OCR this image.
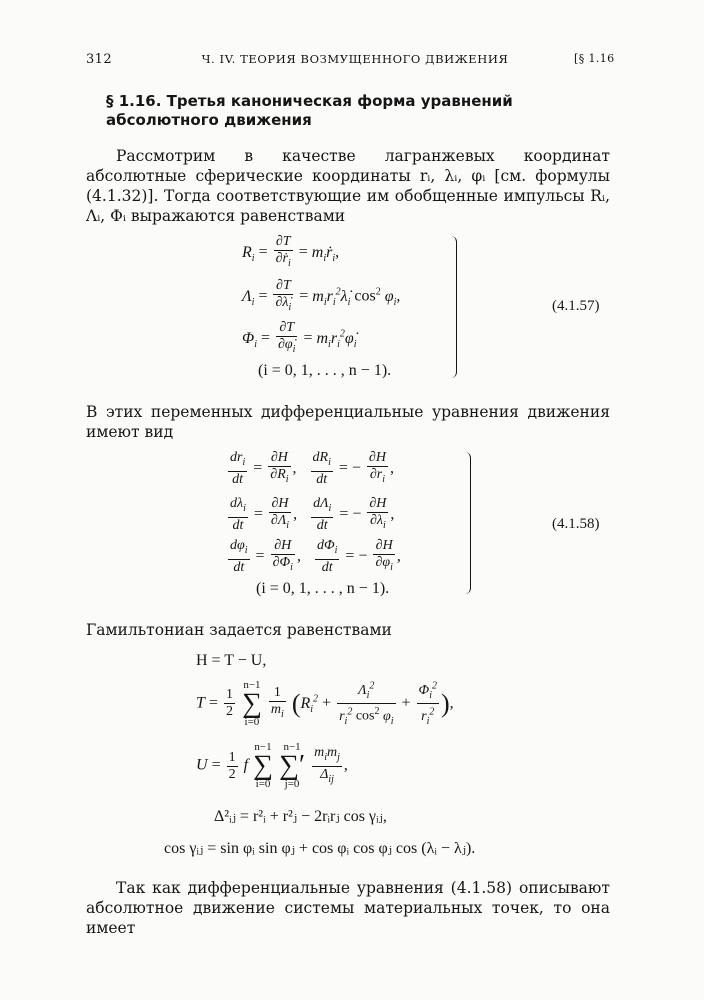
312	Ч. IV. ТЕОРИЯ ВОЗМУЩЕННОГО ДВИЖЕНИЯ	[§ 1.16
§ 1.16. Третья каноническая форма уравнений
абсолютного движения
Рассмотрим в качестве лагранжевых координат абсолютные сферические координаты rᵢ, λᵢ, φᵢ [см. формулы (4.1.32)]. Тогда соответствующие им обобщенные импульсы Rᵢ, Λᵢ, Φᵢ выражаются равенствами
$R_i = \frac{\partial T}{\partial ṙ_i}$ = $m_iṙ_i$,
$\Lambda_i = \frac{\partial T}{\partial\lambdȧ_i}$ = $m_ir_i^2\lambdȧ_i$ $\cos^2 \varphi_i$,
$\Phi_i = \frac{\partial T}{\partial\varphi̇_i}$ = $m_ir_i^2\varphi̇_i$
(i = 0, 1, . . . , n − 1).
(4.1.57)
В этих переменных дифференциальные уравнения движения имеют вид
$\frac{dr_i}{dt} = \frac{\partial H}{\partial R_i}$ , $\frac{dR_i}{dt}$ = − $\frac{\partial H}{\partial r_i}$ ,
$\frac{d\lambda_i}{dt} = \frac{\partial H}{\partial\Lambda_i}$ , $\frac{d\Lambda_i}{dt}$ = − $\frac{\partial H}{\partial\lambda_i}$ ,
$\frac{d\varphi_i}{dt} = \frac{\partial H}{\partial\Phi_i}$ , $\frac{d\Phi_i}{dt}$ = − $\frac{\partial H}{\partial\varphi_i}$ ,
(i = 0, 1, . . . , n − 1).
(4.1.58)
Гамильтониан задается равенствами
H = T − U,
$T = \frac{1}{2}$
n−1
∑
$i=0 \frac{1}{m_i} (R_i^2 + \frac{\Lambda_i^2}{r_i^2 \cos^2 \varphi_i} + \frac{\Phi_i^2}{r_i^2}$ ),
$U = \frac{1}{2}$ f n−1
∑
i=0 n−1
∑′
$j=0 \frac{m_im_j}{\Delta_{ij}}$ ,
Δ²ᵢⱼ = r²ᵢ + r²ⱼ − 2rᵢrⱼ cos γᵢⱼ,
cos γᵢⱼ = sin φᵢ sin φⱼ + cos φᵢ cos φⱼ cos (λᵢ − λⱼ).
Так как дифференциальные уравнения (4.1.58) описывают абсолютное движение системы материальных точек, то она имеет
